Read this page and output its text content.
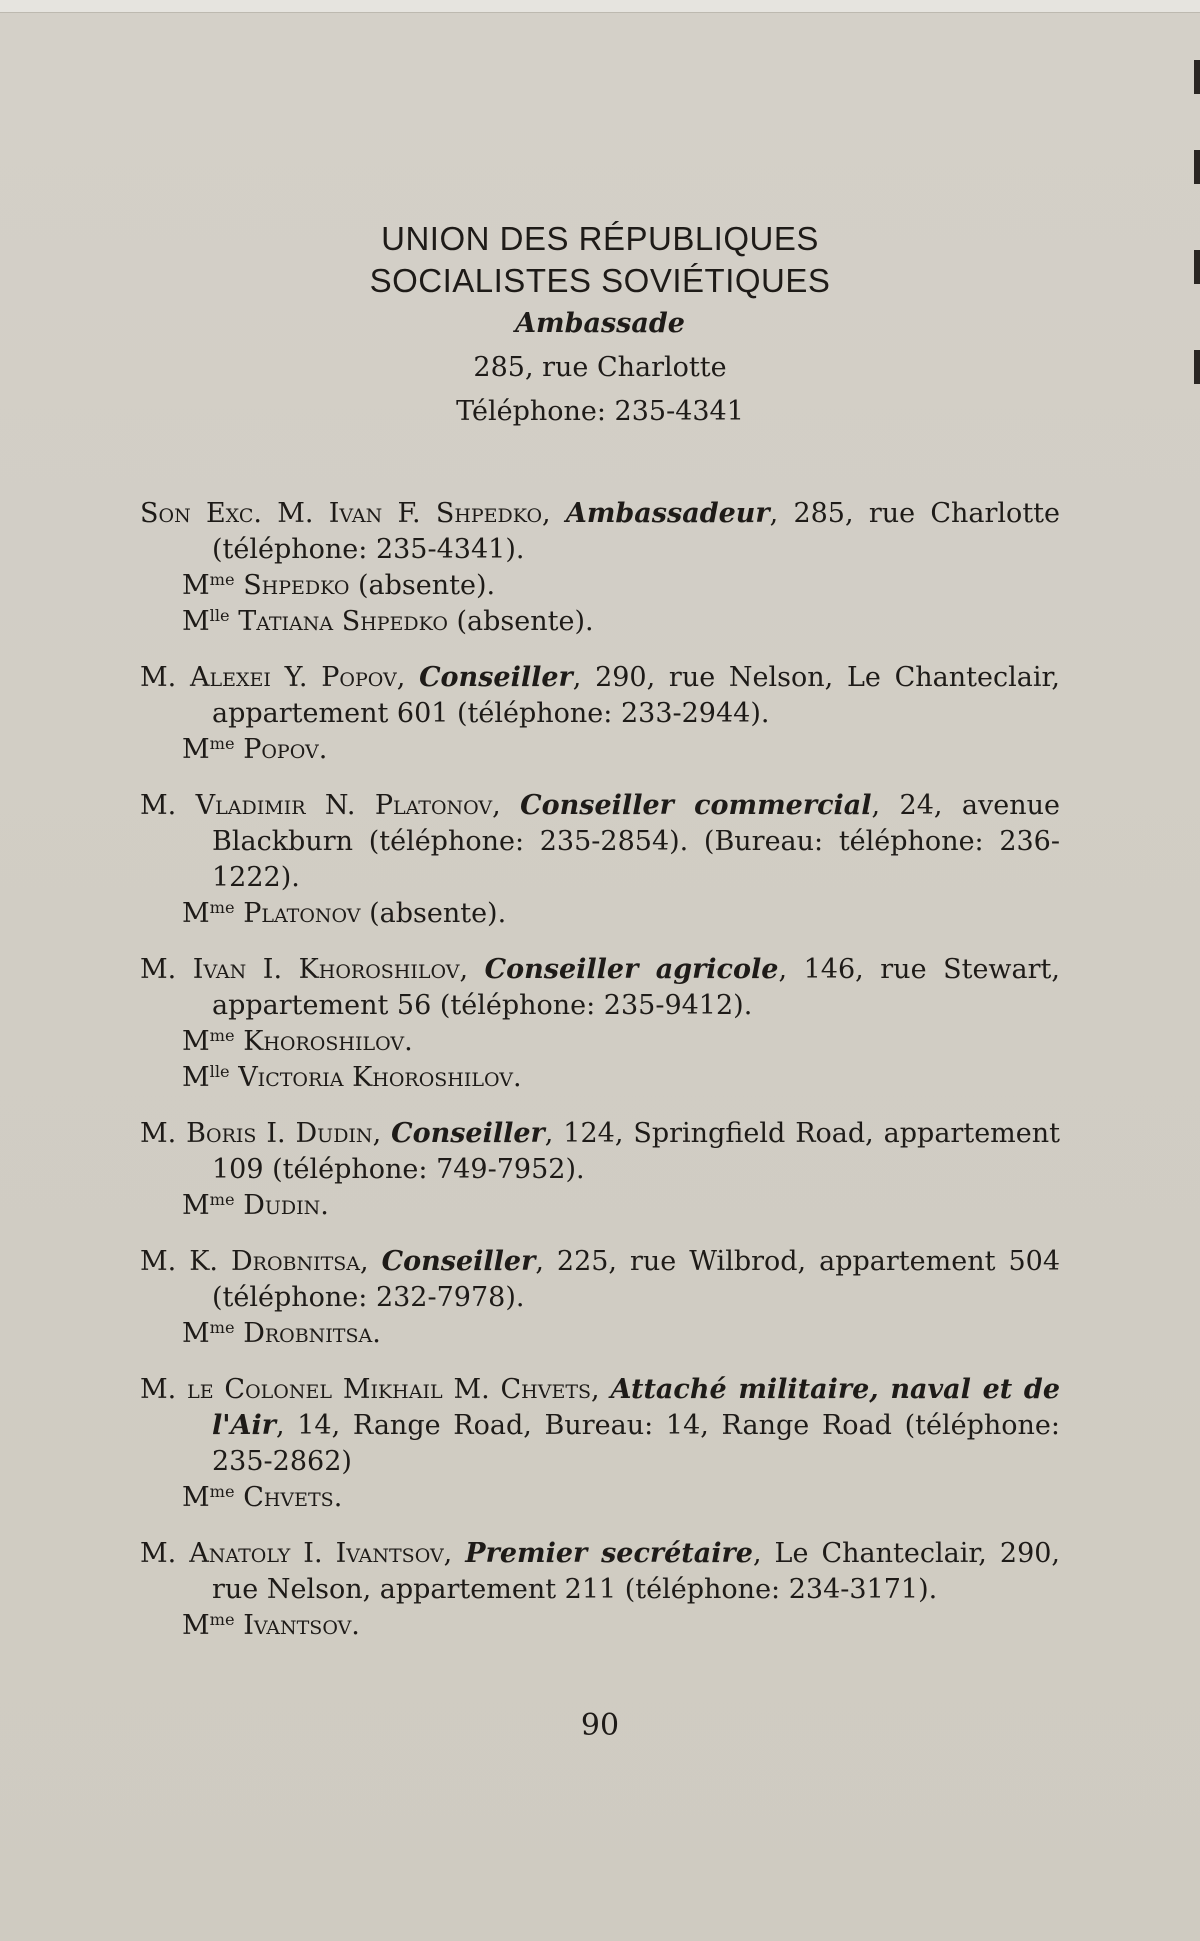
UNION DES RÉPUBLIQUES
SOCIALISTES SOVIÉTIQUES
Ambassade
285, rue Charlotte
Téléphone: 235-4341
Son Exc. M. Ivan F. Shpedko, Ambassadeur, 285, rue Charlotte (téléphone: 235-4341).
$M^{me}$ Shpedko (absente).
$M^{lle}$ Tatiana Shpedko (absente).
M. Alexei Y. Popov, Conseiller, 290, rue Nelson, Le Chanteclair, appartement 601 (téléphone: 233-2944).
$M^{me}$ Popov.
M. Vladimir N. Platonov, Conseiller commercial, 24, avenue Blackburn (téléphone: 235-2854). (Bureau: téléphone: 236-1222).
$M^{me}$ Platonov (absente).
M. Ivan I. Khoroshilov, Conseiller agricole, 146, rue Stewart, appartement 56 (téléphone: 235-9412).
$M^{me}$ Khoroshilov.
$M^{lle}$ Victoria Khoroshilov.
M. Boris I. Dudin, Conseiller, 124, Springfield Road, appartement 109 (téléphone: 749-7952).
$M^{me}$ Dudin.
M. K. Drobnitsa, Conseiller, 225, rue Wilbrod, appartement 504 (téléphone: 232-7978).
$M^{me}$ Drobnitsa.
M. le Colonel Mikhail M. Chvets, Attaché militaire, naval et de l'Air, 14, Range Road, Bureau: 14, Range Road (téléphone: 235-2862)
$M^{me}$ Chvets.
M. Anatoly I. Ivantsov, Premier secrétaire, Le Chanteclair, 290, rue Nelson, appartement 211 (téléphone: 234-3171).
$M^{me}$ Ivantsov.
90
